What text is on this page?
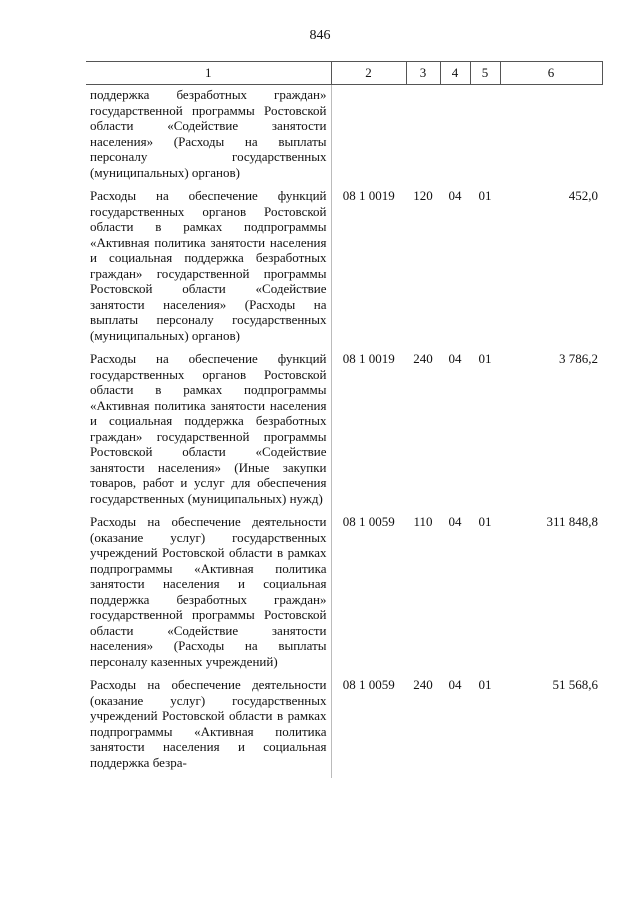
846
1	2	3	4	5	6
поддержка безработных граждан» государственной программы Ростовской области «Содействие занятости населения» (Расходы на выплаты персоналу государственных (муниципальных) органов)					
Расходы на обеспечение функций государственных органов Ростовской области в рамках подпрограммы «Активная политика занятости населения и социальная поддержка безработных граждан» государственной программы Ростовской области «Содействие занятости населения» (Расходы на выплаты персоналу государственных (муниципальных) органов)	08 1 0019	120	04	01	452,0
Расходы на обеспечение функций государственных органов Ростовской области в рамках подпрограммы «Активная политика занятости населения и социальная поддержка безработных граждан» государственной программы Ростовской области «Содействие занятости населения» (Иные закупки товаров, работ и услуг для обеспечения государственных (муниципальных) нужд)	08 1 0019	240	04	01	3 786,2
Расходы на обеспечение деятельности (оказание услуг) государственных учреждений Ростовской области в рамках подпрограммы «Активная политика занятости населения и социальная поддержка безработных граждан» государственной программы Ростовской области «Содействие занятости населения» (Расходы на выплаты персоналу казенных учреждений)	08 1 0059	110	04	01	311 848,8
Расходы на обеспечение деятельности (оказание услуг) государственных учреждений Ростовской области в рамках подпрограммы «Активная политика занятости населения и социальная поддержка безра-	08 1 0059	240	04	01	51 568,6
